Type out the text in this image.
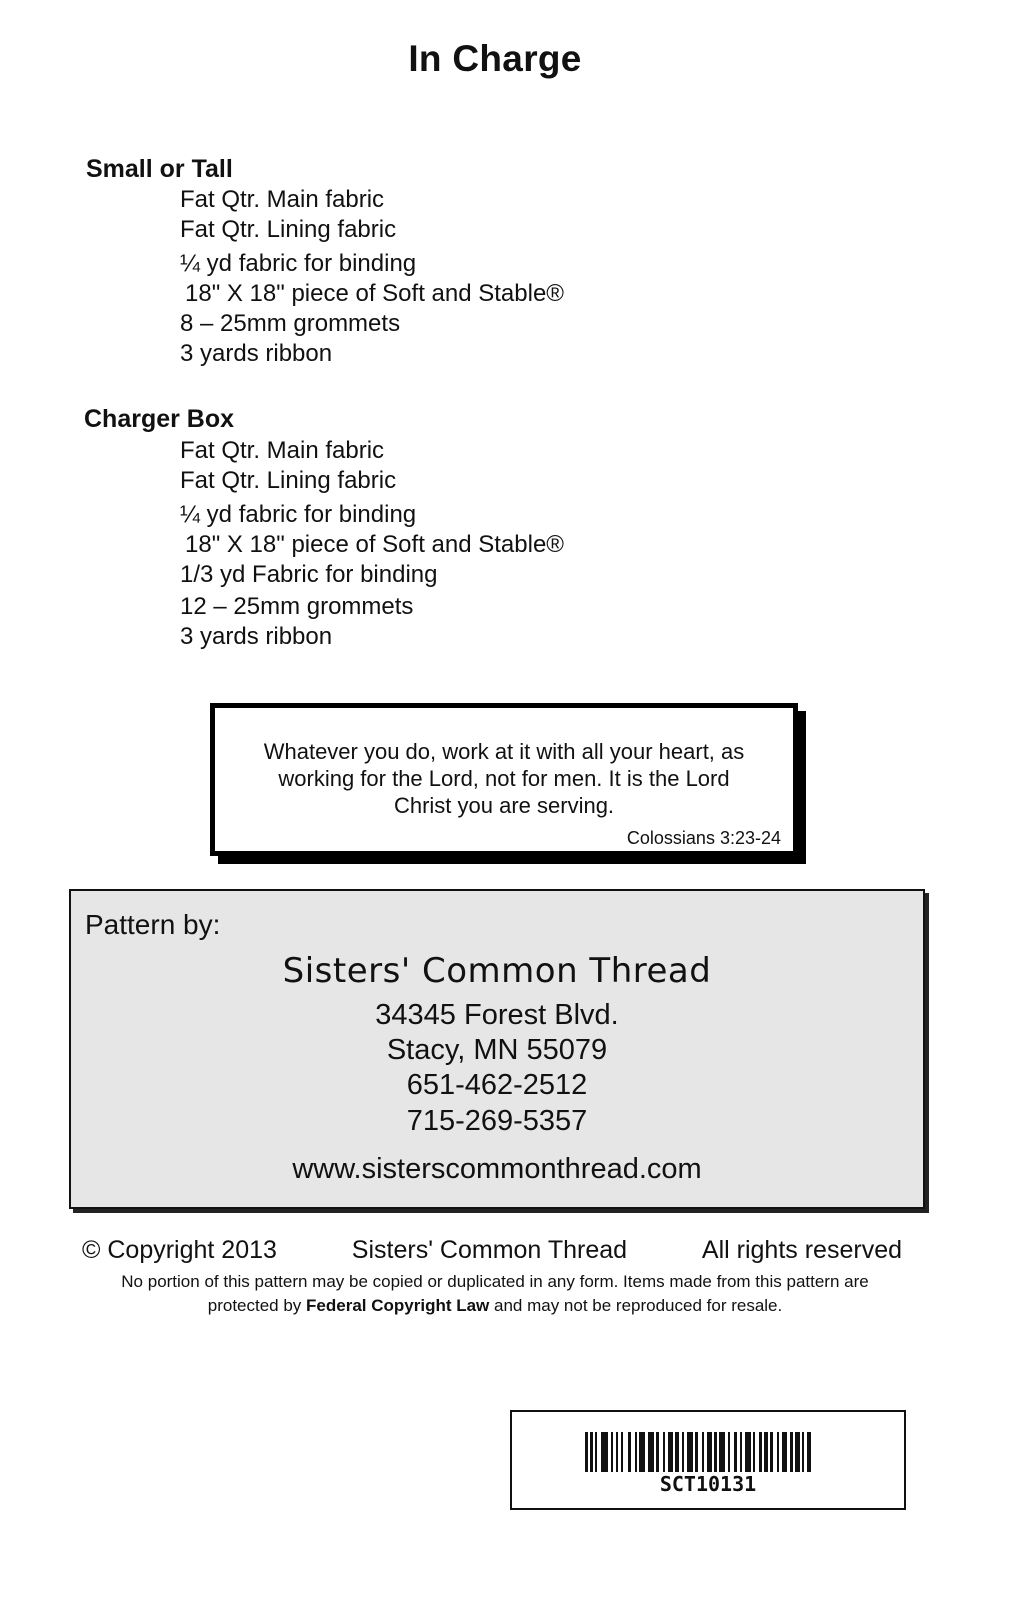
In Charge
Small or Tall
Fat Qtr. Main fabric
Fat Qtr. Lining fabric
¼ yd fabric for binding
18" X 18" piece of Soft and Stable®
8 – 25mm grommets
3 yards ribbon
Charger Box
Fat Qtr. Main fabric
Fat Qtr. Lining fabric
¼ yd fabric for binding
18" X 18" piece of Soft and Stable®
1/3 yd Fabric for binding
12 – 25mm grommets
3 yards ribbon
Whatever you do, work at it with all your heart, as
working for the Lord, not for men. It is the Lord
Christ you are serving.
Colossians 3:23-24
Pattern by:
Sisters' Common Thread
34345 Forest Blvd.
Stacy, MN 55079
651-462-2512
715-269-5357
www.sisterscommonthread.com
© Copyright 2013	Sisters' Common Thread	All rights reserved
No portion of this pattern may be copied or duplicated in any form. Items made from this pattern are protected by Federal Copyright Law and may not be reproduced for resale.
SCT10131
